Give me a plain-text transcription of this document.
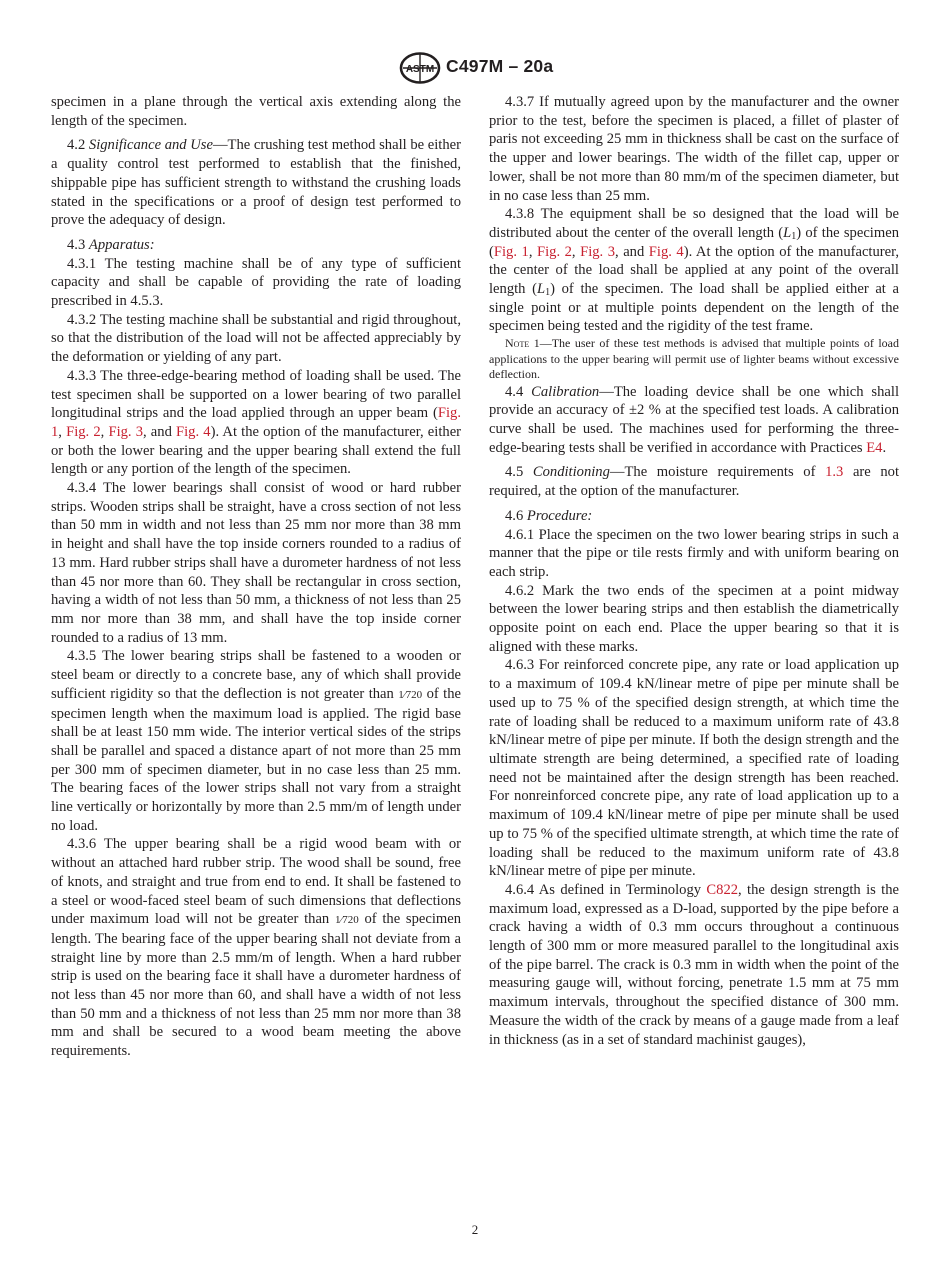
ASTM C497M – 20a

specimen in a plane through the vertical axis extending along the length of the specimen.

4.2 Significance and Use—The crushing test method shall be either a quality control test performed to establish that the finished, shippable pipe has sufficient strength to withstand the crushing loads stated in the specifications or a proof of design test performed to prove the adequacy of design.

4.3 Apparatus:

4.3.1 The testing machine shall be of any type of sufficient capacity and shall be capable of providing the rate of loading prescribed in 4.5.3.

4.3.2 The testing machine shall be substantial and rigid throughout, so that the distribution of the load will not be affected appreciably by the deformation or yielding of any part.

4.3.3 The three-edge-bearing method of loading shall be used. The test specimen shall be supported on a lower bearing of two parallel longitudinal strips and the load applied through an upper beam (Fig. 1, Fig. 2, Fig. 3, and Fig. 4). At the option of the manufacturer, either or both the lower bearing and the upper bearing shall extend the full length or any portion of the length of the specimen.

4.3.4 The lower bearings shall consist of wood or hard rubber strips. Wooden strips shall be straight, have a cross section of not less than 50 mm in width and not less than 25 mm nor more than 38 mm in height and shall have the top inside corners rounded to a radius of 13 mm. Hard rubber strips shall have a durometer hardness of not less than 45 nor more than 60. They shall be rectangular in cross section, having a width of not less than 50 mm, a thickness of not less than 25 mm nor more than 38 mm, and shall have the top inside corner rounded to a radius of 13 mm.

4.3.5 The lower bearing strips shall be fastened to a wooden or steel beam or directly to a concrete base, any of which shall provide sufficient rigidity so that the deflection is not greater than 1⁄720 of the specimen length when the maximum load is applied. The rigid base shall be at least 150 mm wide. The interior vertical sides of the strips shall be parallel and spaced a distance apart of not more than 25 mm per 300 mm of specimen diameter, but in no case less than 25 mm. The bearing faces of the lower strips shall not vary from a straight line vertically or horizontally by more than 2.5 mm/m of length under no load.

4.3.6 The upper bearing shall be a rigid wood beam with or without an attached hard rubber strip. The wood shall be sound, free of knots, and straight and true from end to end. It shall be fastened to a steel or wood-faced steel beam of such dimensions that deflections under maximum load will not be greater than 1⁄720 of the specimen length. The bearing face of the upper bearing shall not deviate from a straight line by more than 2.5 mm/m of length. When a hard rubber strip is used on the bearing face it shall have a durometer hardness of not less than 45 nor more than 60, and shall have a width of not less than 50 mm and a thickness of not less than 25 mm nor more than 38 mm and shall be secured to a wood beam meeting the above requirements.

4.3.7 If mutually agreed upon by the manufacturer and the owner prior to the test, before the specimen is placed, a fillet of plaster of paris not exceeding 25 mm in thickness shall be cast on the surface of the upper and lower bearings. The width of the fillet cap, upper or lower, shall be not more than 80 mm/m of the specimen diameter, but in no case less than 25 mm.

4.3.8 The equipment shall be so designed that the load will be distributed about the center of the overall length $(L_1)$ of the specimen (Fig. 1, Fig. 2, Fig. 3, and Fig. 4). At the option of the manufacturer, the center of the load shall be applied at any point of the overall length $(L_1)$ of the specimen. The load shall be applied either at a single point or at multiple points dependent on the length of the specimen being tested and the rigidity of the test frame.

Note 1—The user of these test methods is advised that multiple points of load applications to the upper bearing will permit use of lighter beams without excessive deflection.

4.4 Calibration—The loading device shall be one which shall provide an accuracy of ±2 % at the specified test loads. A calibration curve shall be used. The machines used for performing the three-edge-bearing tests shall be verified in accordance with Practices E4.

4.5 Conditioning—The moisture requirements of 1.3 are not required, at the option of the manufacturer.

4.6 Procedure:

4.6.1 Place the specimen on the two lower bearing strips in such a manner that the pipe or tile rests firmly and with uniform bearing on each strip.

4.6.2 Mark the two ends of the specimen at a point midway between the lower bearing strips and then establish the diametrically opposite point on each end. Place the upper bearing so that it is aligned with these marks.

4.6.3 For reinforced concrete pipe, any rate or load application up to a maximum of 109.4 kN/linear metre of pipe per minute shall be used up to 75 % of the specified design strength, at which time the rate of loading shall be reduced to a maximum uniform rate of 43.8 kN/linear metre of pipe per minute. If both the design strength and the ultimate strength are being determined, a specified rate of loading need not be maintained after the design strength has been reached. For nonreinforced concrete pipe, any rate of load application up to a maximum of 109.4 kN/linear metre of pipe per minute shall be used up to 75 % of the specified ultimate strength, at which time the rate of loading shall be reduced to the maximum uniform rate of 43.8 kN/linear metre of pipe per minute.

4.6.4 As defined in Terminology C822, the design strength is the maximum load, expressed as a D-load, supported by the pipe before a crack having a width of 0.3 mm occurs throughout a continuous length of 300 mm or more measured parallel to the longitudinal axis of the pipe barrel. The crack is 0.3 mm in width when the point of the measuring gauge will, without forcing, penetrate 1.5 mm at 75 mm maximum intervals, throughout the specified distance of 300 mm. Measure the width of the crack by means of a gauge made from a leaf in thickness (as in a set of standard machinist gauges),

2
